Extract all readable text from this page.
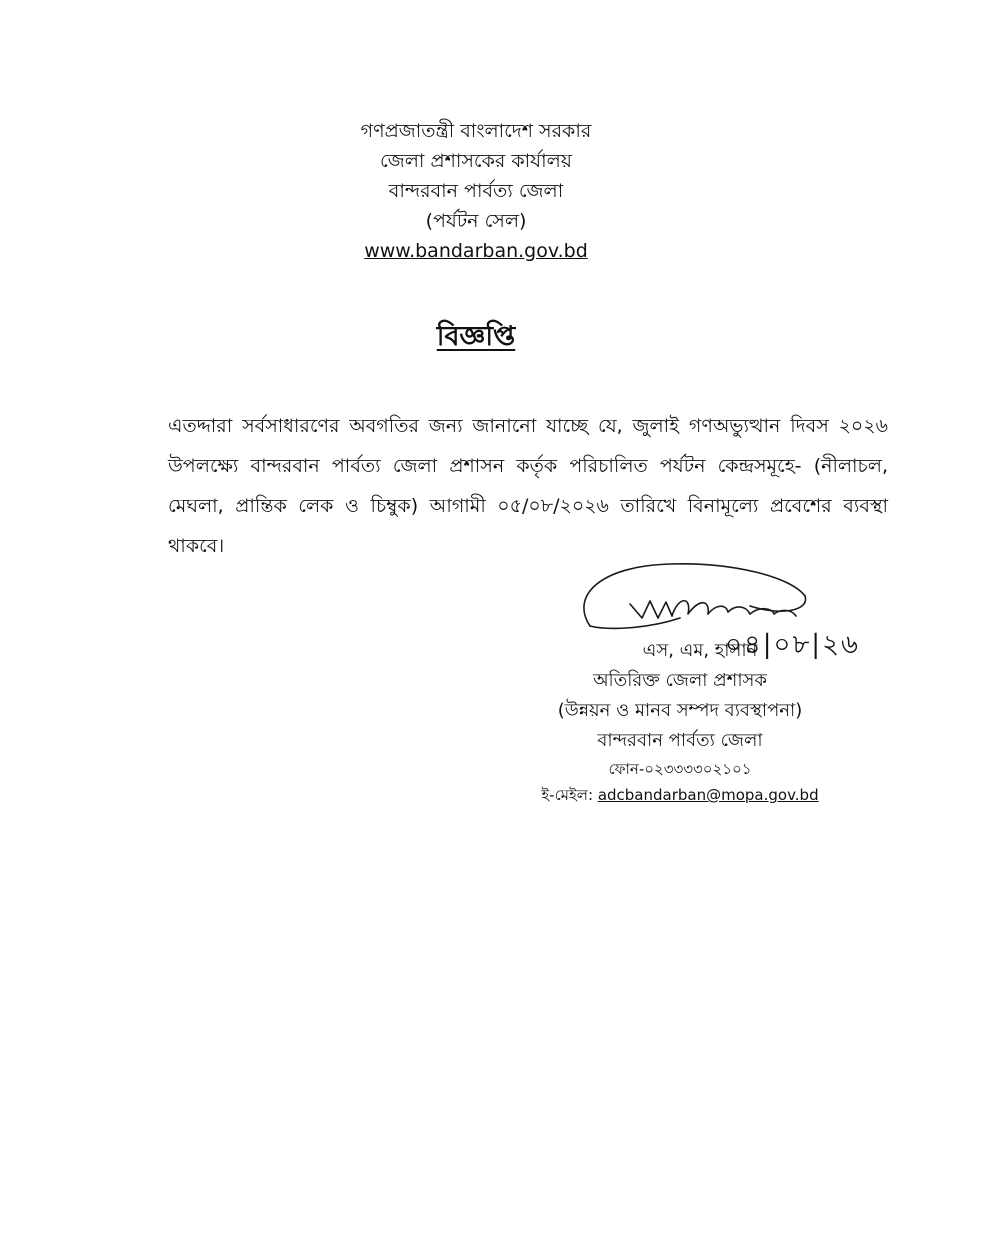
গণপ্রজাতন্ত্রী বাংলাদেশ সরকার
জেলা প্রশাসকের কার্যালয়
বান্দরবান পার্বত্য জেলা
(পর্যটন সেল)
www.bandarban.gov.bd
বিজ্ঞপ্তি
এতদ্দারা সর্বসাধারণের অবগতির জন্য জানানো যাচ্ছে যে, জুলাই গণঅভ্যুত্থান দিবস ২০২৬ উপলক্ষ্যে বান্দরবান পার্বত্য জেলা প্রশাসন কর্তৃক পরিচালিত পর্যটন কেন্দ্রসমূহে- (নীলাচল, মেঘলা, প্রান্তিক লেক ও চিম্বুক) আগামী ০৫/০৮/২০২৬ তারিখে বিনামূল্যে প্রবেশের ব্যবস্থা থাকবে।
এস, এম, হাসান
০৪|০৮|২৬
অতিরিক্ত জেলা প্রশাসক
(উন্নয়ন ও মানব সম্পদ ব্যবস্থাপনা)
বান্দরবান পার্বত্য জেলা
ফোন-০২৩৩৩৩০২১০১
ই-মেইল: adcbandarban@mopa.gov.bd
